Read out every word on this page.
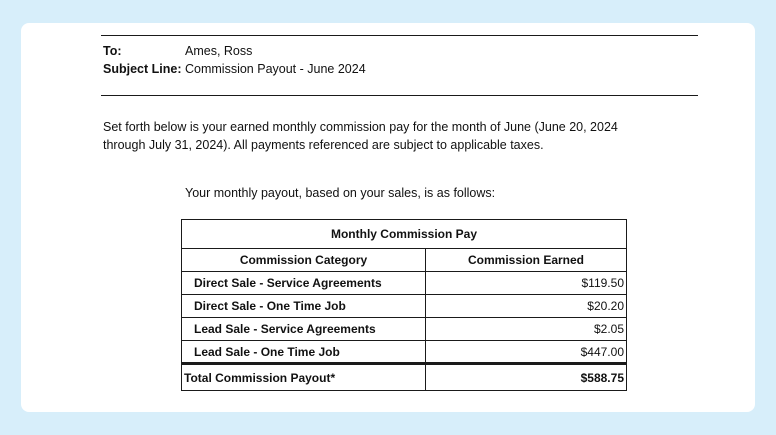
To:	Ames, Ross
Subject Line: Commission Payout - June 2024
Set forth below is your earned monthly commission pay for the month of June (June 20, 2024 through July 31, 2024). All payments referenced are subject to applicable taxes.
Your monthly payout, based on your sales, is as follows:
Monthly Commission Pay	
Commission Category	Commission Earned
Direct Sale - Service Agreements	$119.50
Direct Sale - One Time Job	$20.20
Lead Sale - Service Agreements	$2.05
Lead Sale - One Time Job	$447.00
Total Commission Payout*	$588.75
